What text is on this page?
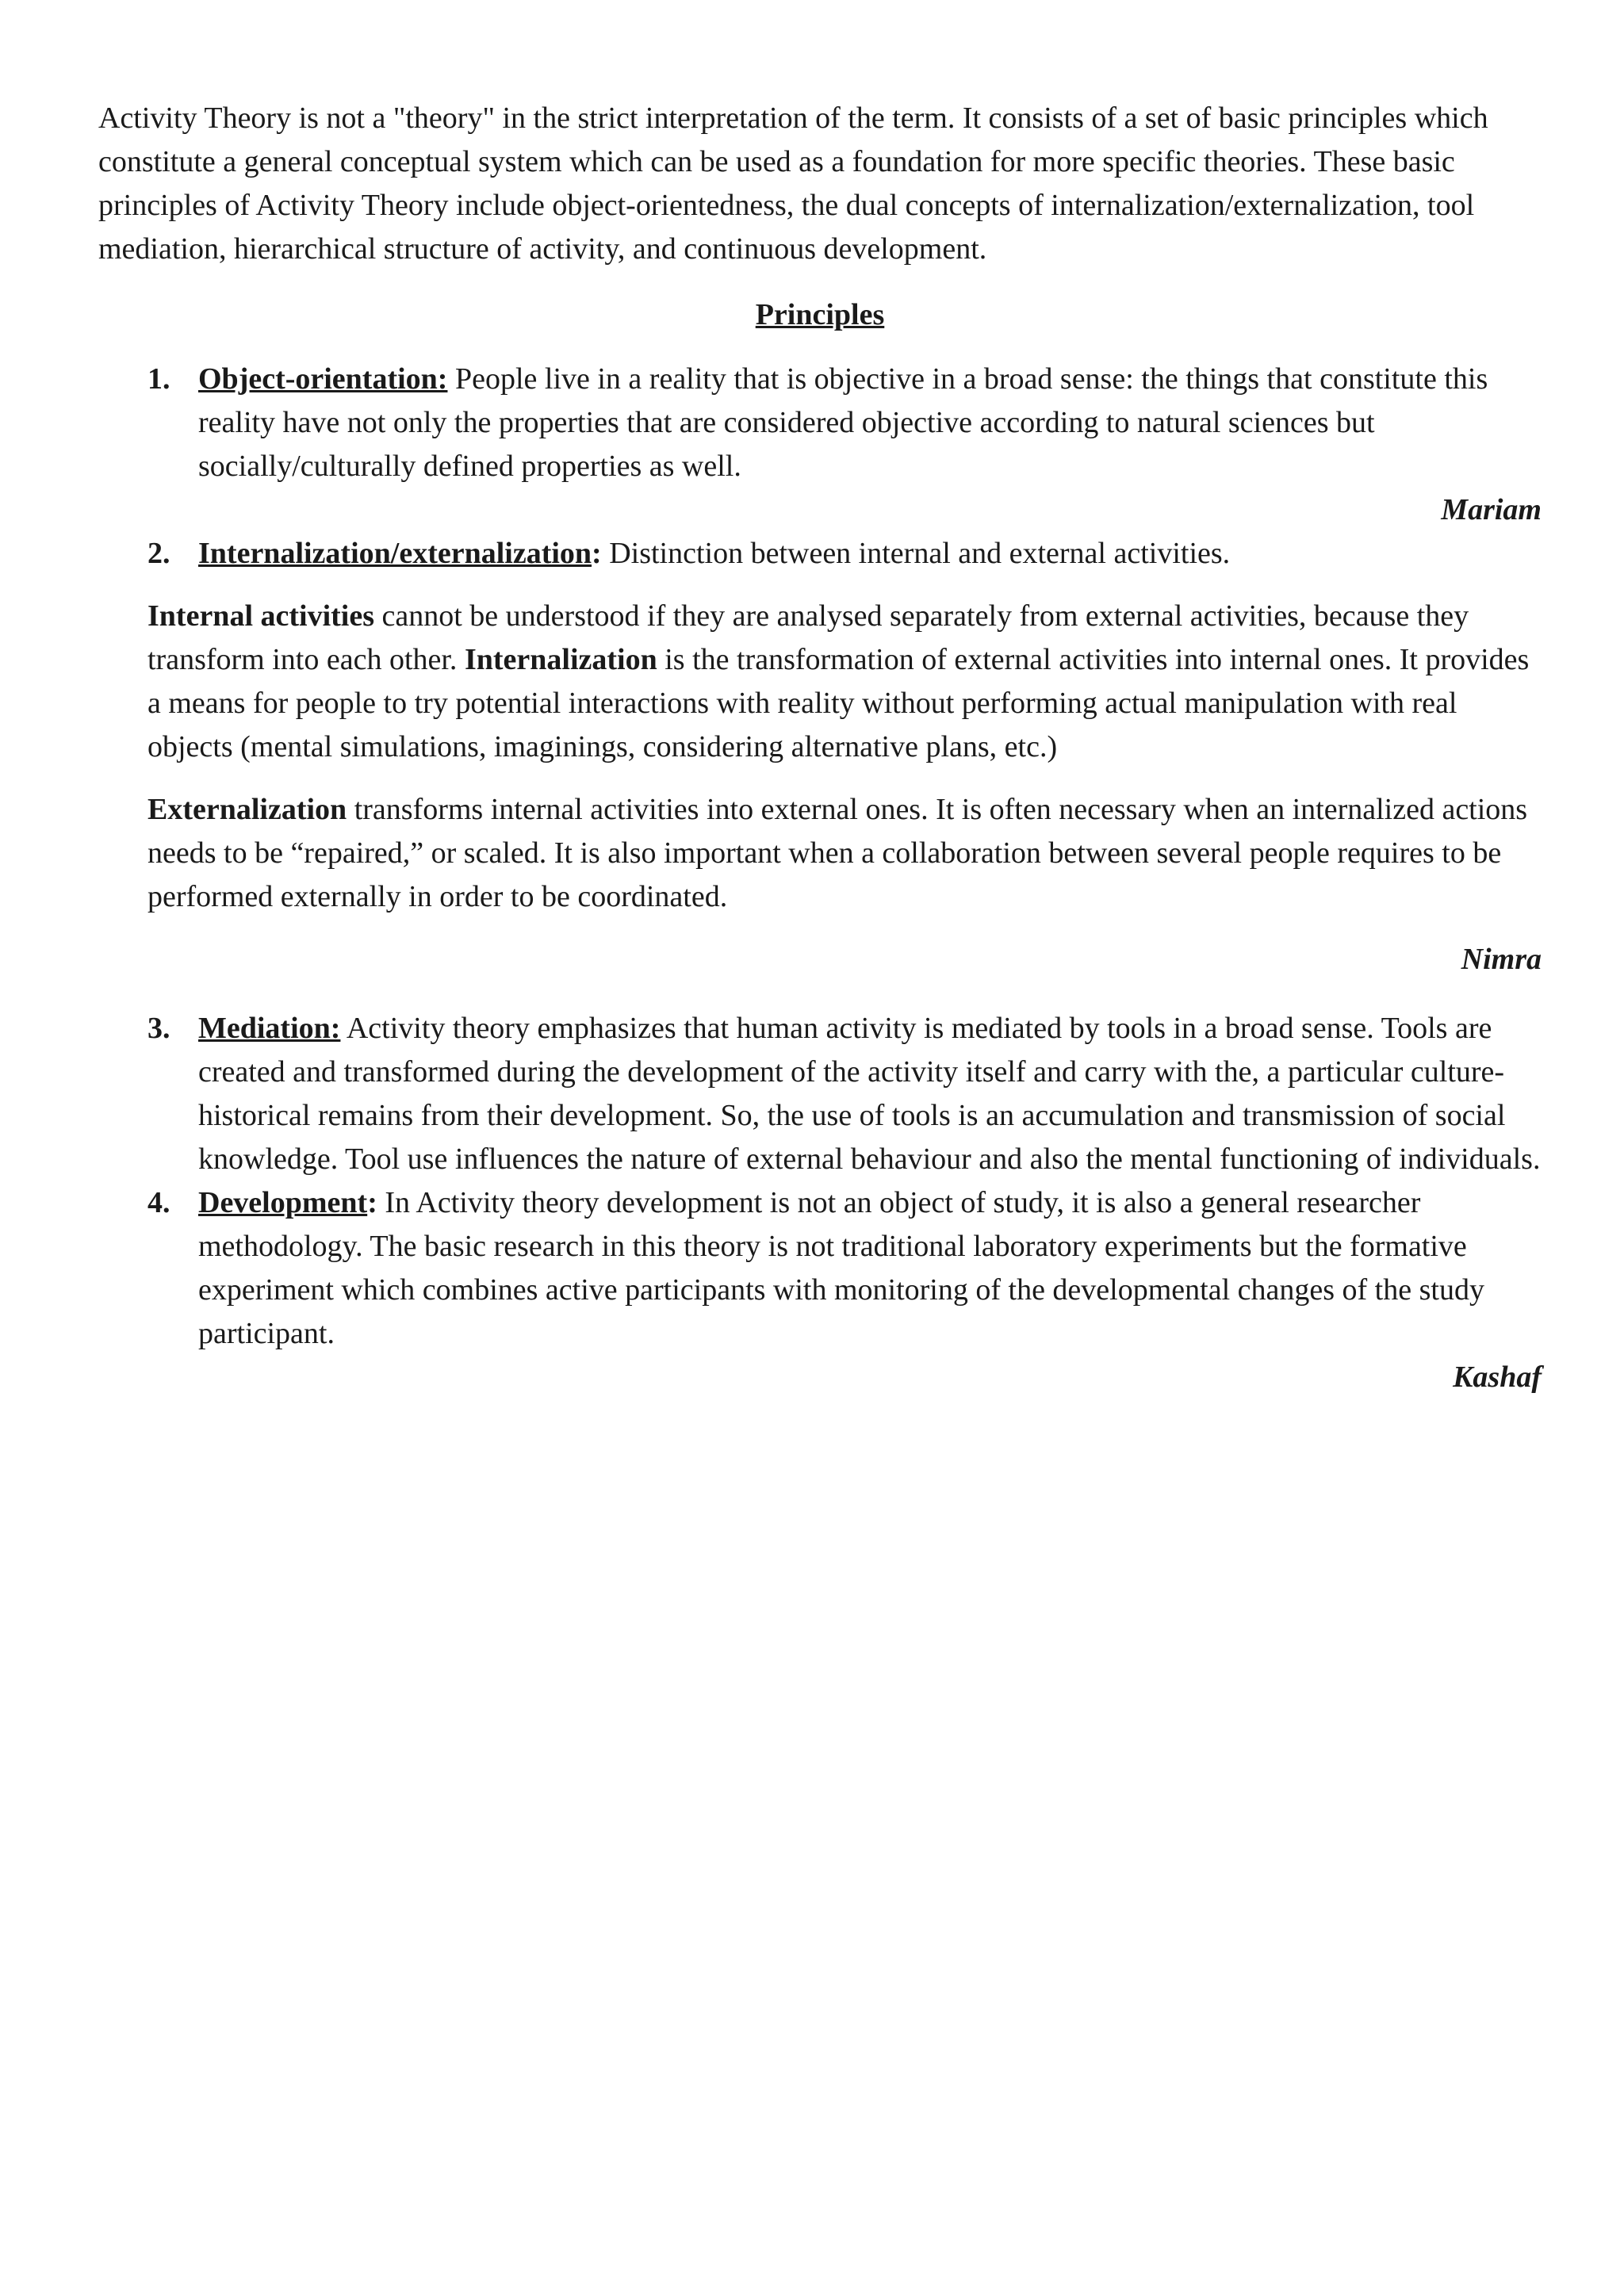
Activity Theory is not a "theory" in the strict interpretation of the term. It consists of a set of basic principles which constitute a general conceptual system which can be used as a foundation for more specific theories. These basic principles of Activity Theory include object-orientedness, the dual concepts of internalization/externalization, tool mediation, hierarchical structure of activity, and continuous development.

Principles
1. Object-orientation: People live in a reality that is objective in a broad sense: the things that constitute this reality have not only the properties that are considered objective according to natural sciences but socially/culturally defined properties as well.
Mariam
2. Internalization/externalization: Distinction between internal and external activities.

Internal activities cannot be understood if they are analysed separately from external activities, because they transform into each other. Internalization is the transformation of external activities into internal ones. It provides a means for people to try potential interactions with reality without performing actual manipulation with real objects (mental simulations, imaginings, considering alternative plans, etc.)

Externalization transforms internal activities into external ones. It is often necessary when an internalized actions needs to be “repaired,” or scaled. It is also important when a collaboration between several people requires to be performed externally in order to be coordinated.

Nimra
3. Mediation: Activity theory emphasizes that human activity is mediated by tools in a broad sense. Tools are created and transformed during the development of the activity itself and carry with the, a particular culture- historical remains from their development. So, the use of tools is an accumulation and transmission of social knowledge. Tool use influences the nature of external behaviour and also the mental functioning of individuals.
4. Development: In Activity theory development is not an object of study, it is also a general researcher methodology. The basic research in this theory is not traditional laboratory experiments but the formative experiment which combines active participants with monitoring of the developmental changes of the study participant.
Kashaf
